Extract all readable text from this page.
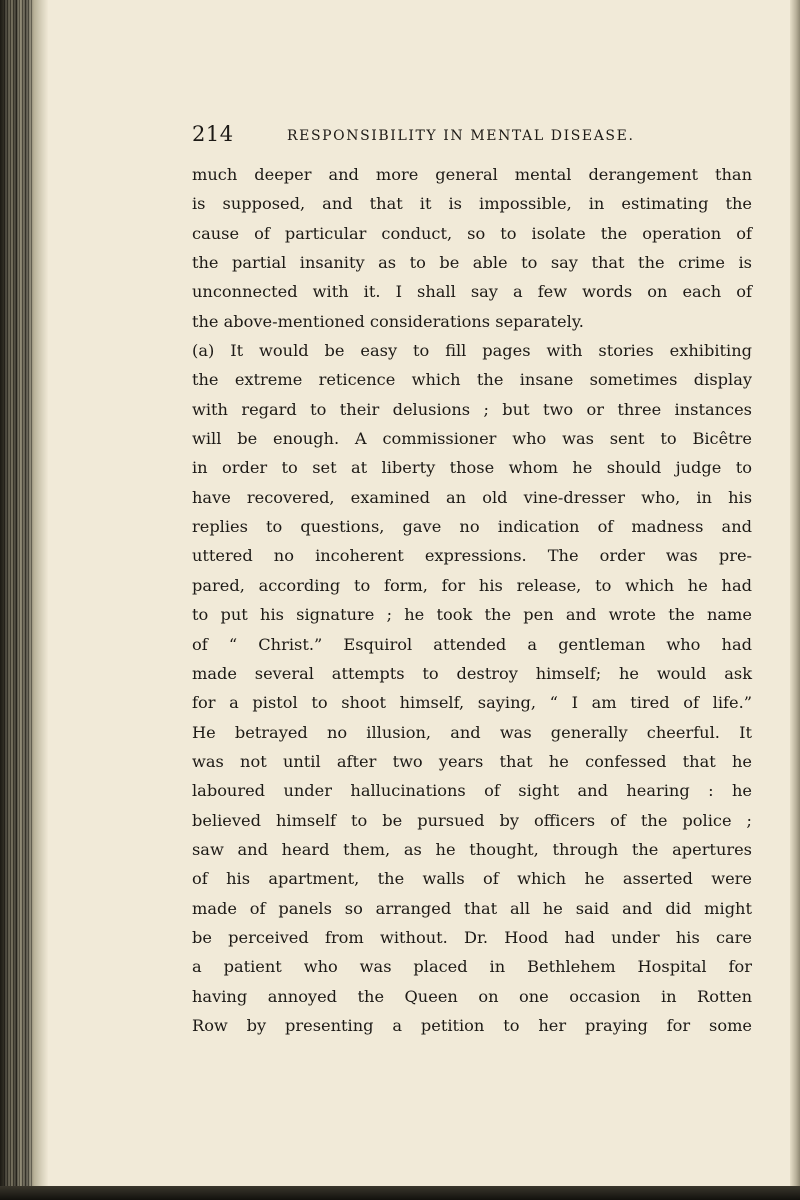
214	RESPONSIBILITY IN MENTAL DISEASE.
much deeper and more general mental derangement than
is supposed, and that it is impossible, in estimating the
cause of particular conduct, so to isolate the operation of
the partial insanity as to be able to say that the crime is
unconnected with it. I shall say a few words on each of
the above-mentioned considerations separately.
(a) It would be easy to fill pages with stories exhibiting
the extreme reticence which the insane sometimes display
with regard to their delusions ; but two or three instances
will be enough. A commissioner who was sent to Bicêtre
in order to set at liberty those whom he should judge to
have recovered, examined an old vine-dresser who, in his
replies to questions, gave no indication of madness and
uttered no incoherent expressions. The order was pre-
pared, according to form, for his release, to which he had
to put his signature ; he took the pen and wrote the name
of “ Christ.” Esquirol attended a gentleman who had
made several attempts to destroy himself; he would ask
for a pistol to shoot himself, saying, “ I am tired of life.”
He betrayed no illusion, and was generally cheerful. It
was not until after two years that he confessed that he
laboured under hallucinations of sight and hearing : he
believed himself to be pursued by officers of the police ;
saw and heard them, as he thought, through the apertures
of his apartment, the walls of which he asserted were
made of panels so arranged that all he said and did might
be perceived from without. Dr. Hood had under his care
a patient who was placed in Bethlehem Hospital for
having annoyed the Queen on one occasion in Rotten
Row by presenting a petition to her praying for some
